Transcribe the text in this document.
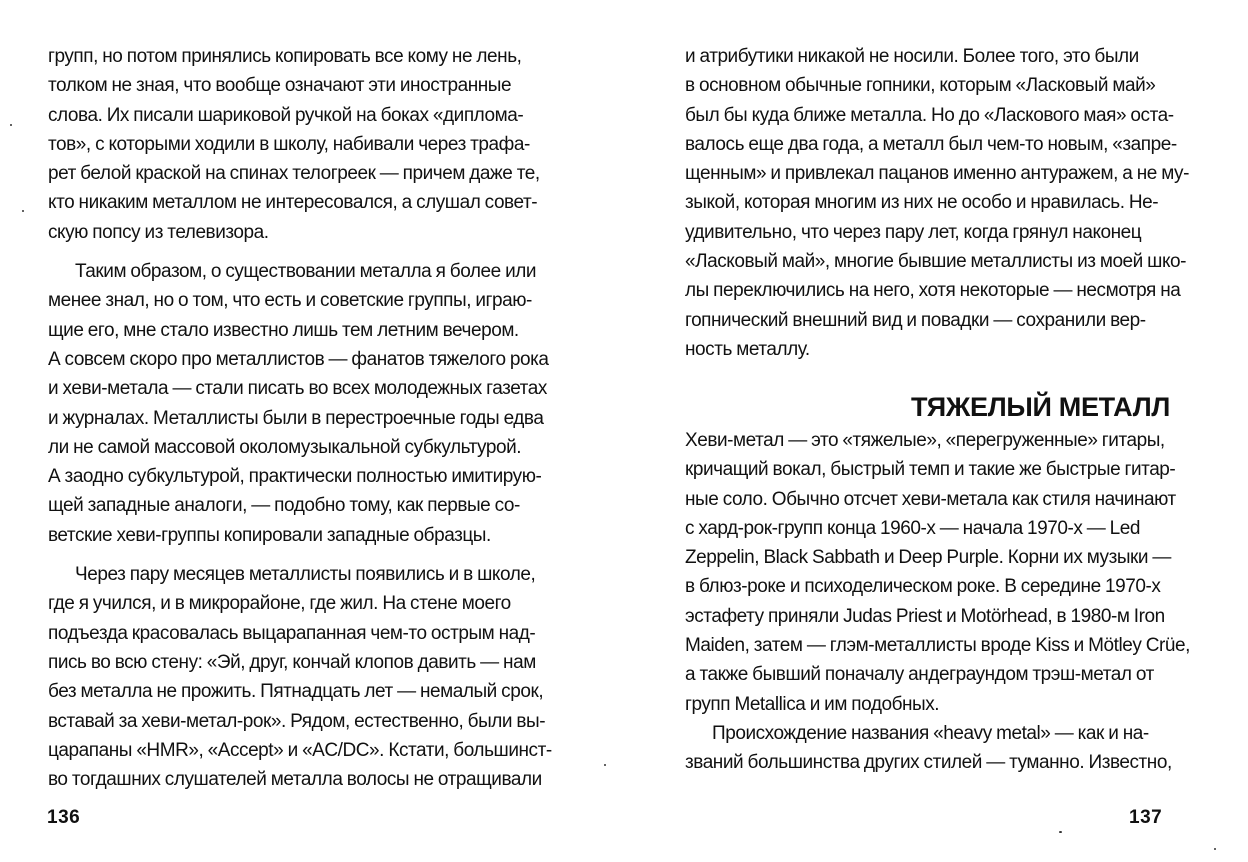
групп, но потом принялись копировать все кому не лень,
толком не зная, что вообще означают эти иностранные
слова. Их писали шариковой ручкой на боках «диплома-
тов», с которыми ходили в школу, набивали через трафа-
рет белой краской на спинах телогреек — причем даже те,
кто никаким металлом не интересовался, а слушал совет-
скую попсу из телевизора.
Таким образом, о существовании металла я более или
менее знал, но о том, что есть и советские группы, играю-
щие его, мне стало известно лишь тем летним вечером.
А совсем скоро про металлистов — фанатов тяжелого рока
и хеви-метала — стали писать во всех молодежных газетах
и журналах. Металлисты были в перестроечные годы едва
ли не самой массовой околомузыкальной субкультурой.
А заодно субкультурой, практически полностью имитирую-
щей западные аналоги, — подобно тому, как первые со-
ветские хеви-группы копировали западные образцы.
Через пару месяцев металлисты появились и в школе,
где я учился, и в микрорайоне, где жил. На стене моего
подъезда красовалась выцарапанная чем-то острым над-
пись во всю стену: «Эй, друг, кончай клопов давить — нам
без металла не прожить. Пятнадцать лет — немалый срок,
вставай за хеви-метал-рок». Рядом, естественно, были вы-
царапаны «HMR», «Accept» и «AC/DC». Кстати, большинст-
во тогдашних слушателей металла волосы не отращивали
136
и атрибутики никакой не носили. Более того, это были
в основном обычные гопники, которым «Ласковый май»
был бы куда ближе металла. Но до «Ласкового мая» оста-
валось еще два года, а металл был чем-то новым, «запре-
щенным» и привлекал пацанов именно антуражем, а не му-
зыкой, которая многим из них не особо и нравилась. Не-
удивительно, что через пару лет, когда грянул наконец
«Ласковый май», многие бывшие металлисты из моей шко-
лы переключились на него, хотя некоторые — несмотря на
гопнический внешний вид и повадки — сохранили вер-
ность металлу.
ТЯЖЕЛЫЙ МЕТАЛЛ
Хеви-метал — это «тяжелые», «перегруженные» гитары,
кричащий вокал, быстрый темп и такие же быстрые гитар-
ные соло. Обычно отсчет хеви-метала как стиля начинают
с хард-рок-групп конца 1960-х — начала 1970-х — Led
Zeppelin, Black Sabbath и Deep Purple. Корни их музыки —
в блюз-роке и психоделическом роке. В середине 1970-х
эстафету приняли Judas Priest и Motörhead, в 1980-м Iron
Maiden, затем — глэм-металлисты вроде Kiss и Mötley Crüe,
а также бывший поначалу андеграундом трэш-метал от
групп Metallica и им подобных.
Происхождение названия «heavy metal» — как и на-
званий большинства других стилей — туманно. Известно,
137
